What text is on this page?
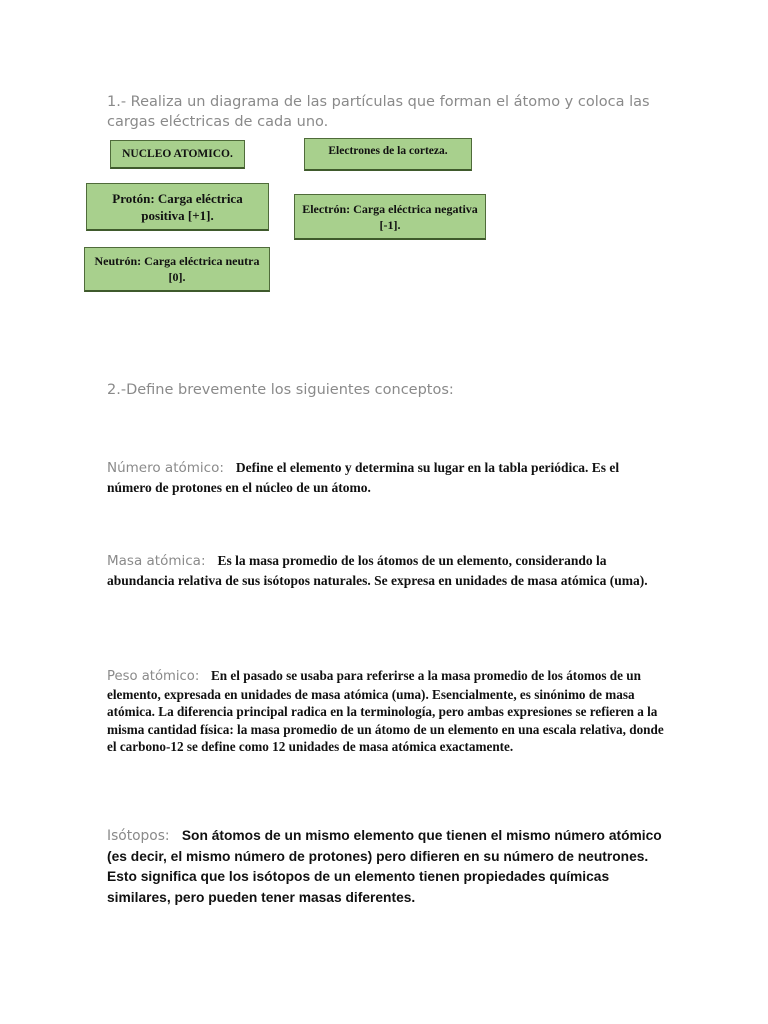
1.- Realiza un diagrama de las partículas que forman el átomo y coloca las cargas eléctricas de cada uno.

NUCLEO ATOMICO.	Electrones de la corteza.
Protón: Carga eléctrica positiva [+1].	Electrón: Carga eléctrica negativa [-1].
Neutrón: Carga eléctrica neutra [0].

2.-Define brevemente los siguientes conceptos:

Número atómico:   Define el elemento y determina su lugar en la tabla periódica. Es el número de protones en el núcleo de un átomo.

Masa atómica:   Es la masa promedio de los átomos de un elemento, considerando la abundancia relativa de sus isótopos naturales. Se expresa en unidades de masa atómica (uma).

Peso atómico:   En el pasado se usaba para referirse a la masa promedio de los átomos de un elemento, expresada en unidades de masa atómica (uma). Esencialmente, es sinónimo de masa atómica. La diferencia principal radica en la terminología, pero ambas expresiones se refieren a la misma cantidad física: la masa promedio de un átomo de un elemento en una escala relativa, donde el carbono-12 se define como 12 unidades de masa atómica exactamente.

Isótopos:   Son átomos de un mismo elemento que tienen el mismo número atómico (es decir, el mismo número de protones) pero difieren en su número de neutrones. Esto significa que los isótopos de un elemento tienen propiedades químicas similares, pero pueden tener masas diferentes.
